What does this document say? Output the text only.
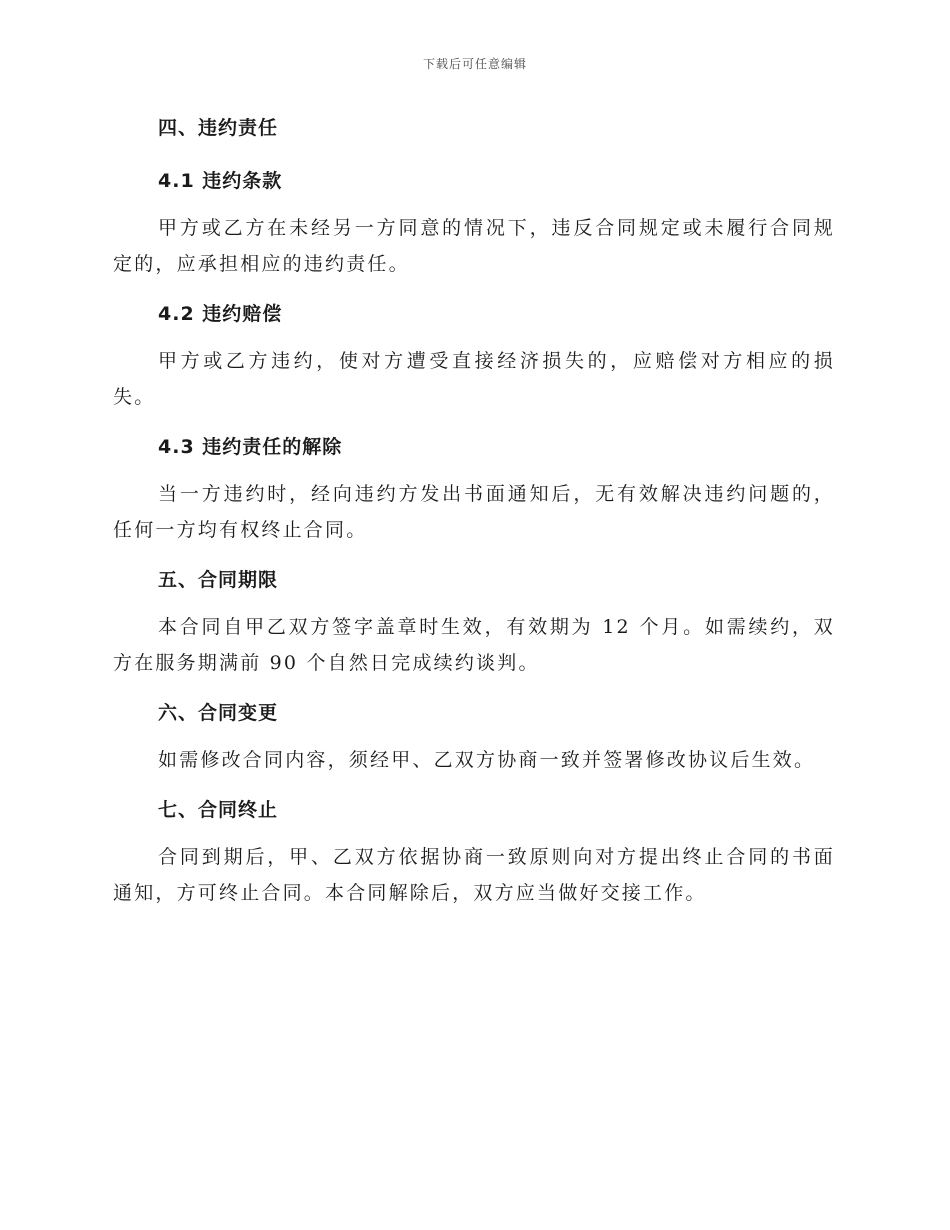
下载后可任意编辑

四、违约责任

4.1 违约条款

甲方或乙方在未经另一方同意的情况下，违反合同规定或未履行合同规定的，应承担相应的违约责任。

4.2 违约赔偿

甲方或乙方违约，使对方遭受直接经济损失的，应赔偿对方相应的损失。

4.3 违约责任的解除

当一方违约时，经向违约方发出书面通知后，无有效解决违约问题的，任何一方均有权终止合同。

五、合同期限

本合同自甲乙双方签字盖章时生效，有效期为 12 个月。如需续约，双方在服务期满前 90 个自然日完成续约谈判。

六、合同变更

如需修改合同内容，须经甲、乙双方协商一致并签署修改协议后生效。

七、合同终止

合同到期后，甲、乙双方依据协商一致原则向对方提出终止合同的书面通知，方可终止合同。本合同解除后，双方应当做好交接工作。
